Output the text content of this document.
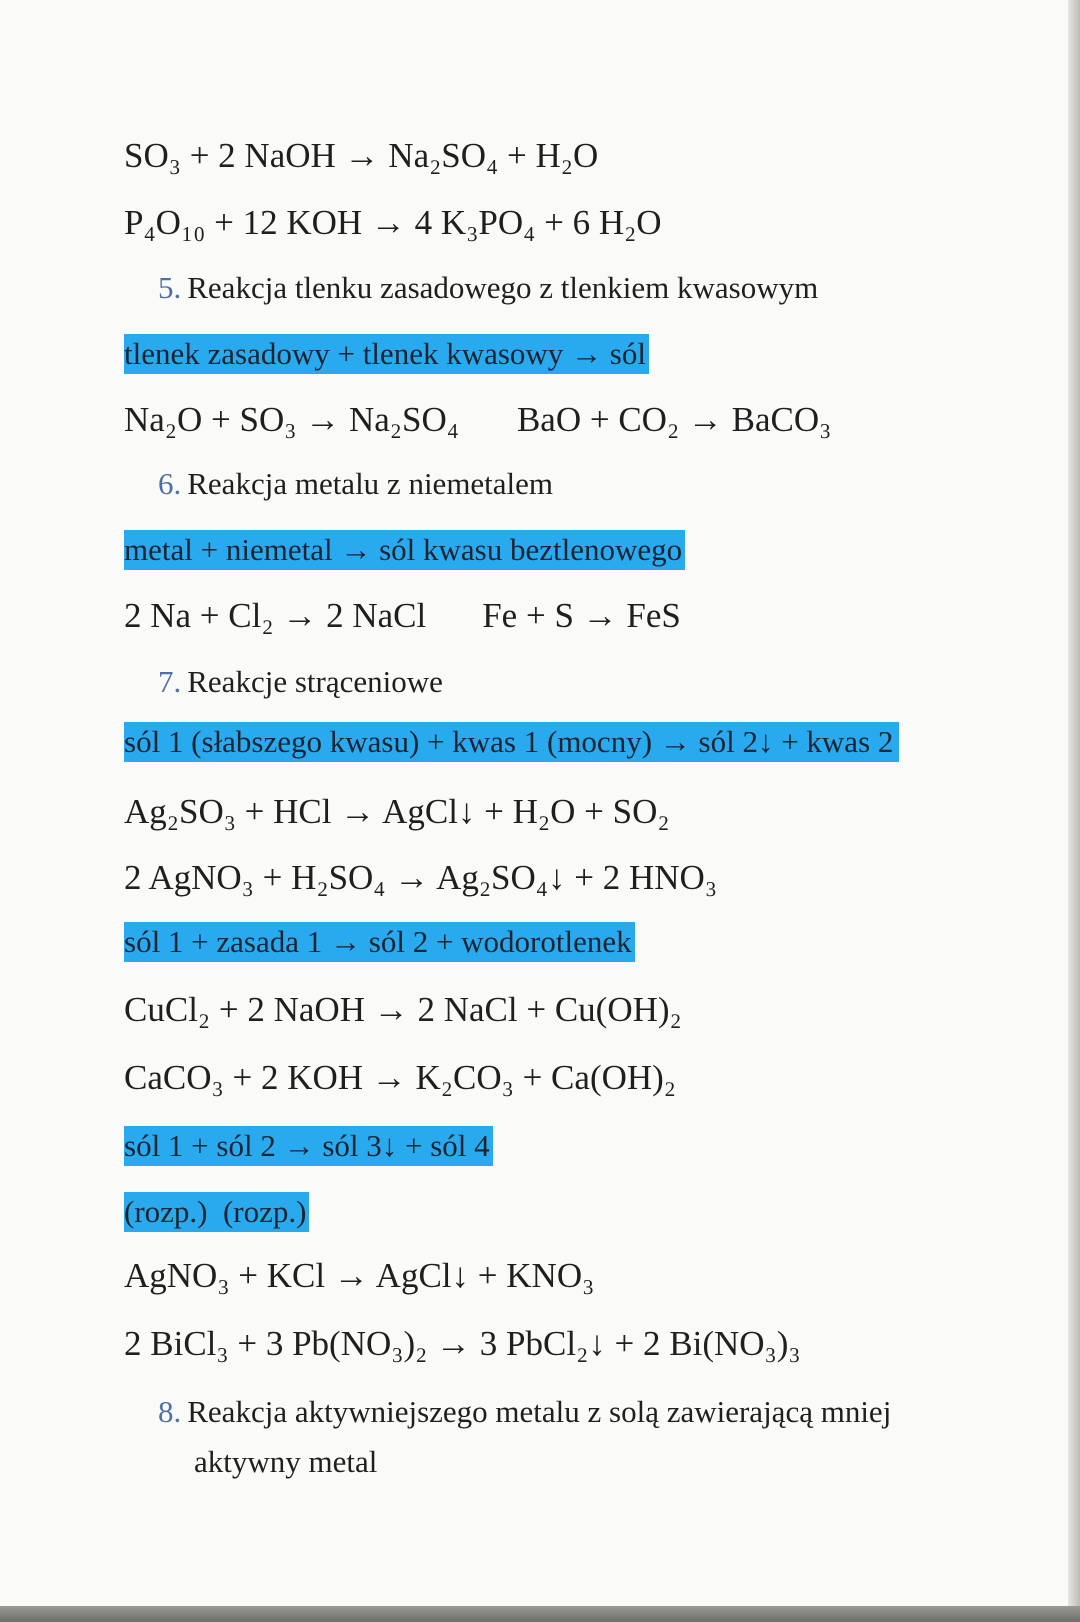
SO₃ + 2 NaOH → Na₂SO₄ + H₂O
P₄O₁₀ + 12 KOH → 4 K₃PO₄ + 6 H₂O
5. Reakcja tlenku zasadowego z tlenkiem kwasowym
tlenek zasadowy + tlenek kwasowy → sól
Na₂O + SO₃ → Na₂SO₄ BaO + CO₂ → BaCO₃
6. Reakcja metalu z niemetalem
metal + niemetal → sól kwasu beztlenowego
2 Na + Cl₂ → 2 NaCl Fe + S → FeS
7. Reakcje strąceniowe
sól 1 (słabszego kwasu) + kwas 1 (mocny) → sól 2↓ + kwas 2
Ag₂SO₃ + HCl → AgCl↓ + H₂O + SO₂
2 AgNO₃ + H₂SO₄ → Ag₂SO₄↓ + 2 HNO₃
sól 1 + zasada 1 → sól 2 + wodorotlenek
CuCl₂ + 2 NaOH → 2 NaCl + Cu(OH)₂
CaCO₃ + 2 KOH → K₂CO₃ + Ca(OH)₂
sól 1 + sól 2 → sól 3↓ + sól 4
(rozp.)  (rozp.)
AgNO₃ + KCl → AgCl↓ + KNO₃
2 BiCl₃ + 3 Pb(NO₃)₂ → 3 PbCl₂↓ + 2 Bi(NO₃)₃
8. Reakcja aktywniejszego metalu z solą zawierającą mniej
aktywny metal
